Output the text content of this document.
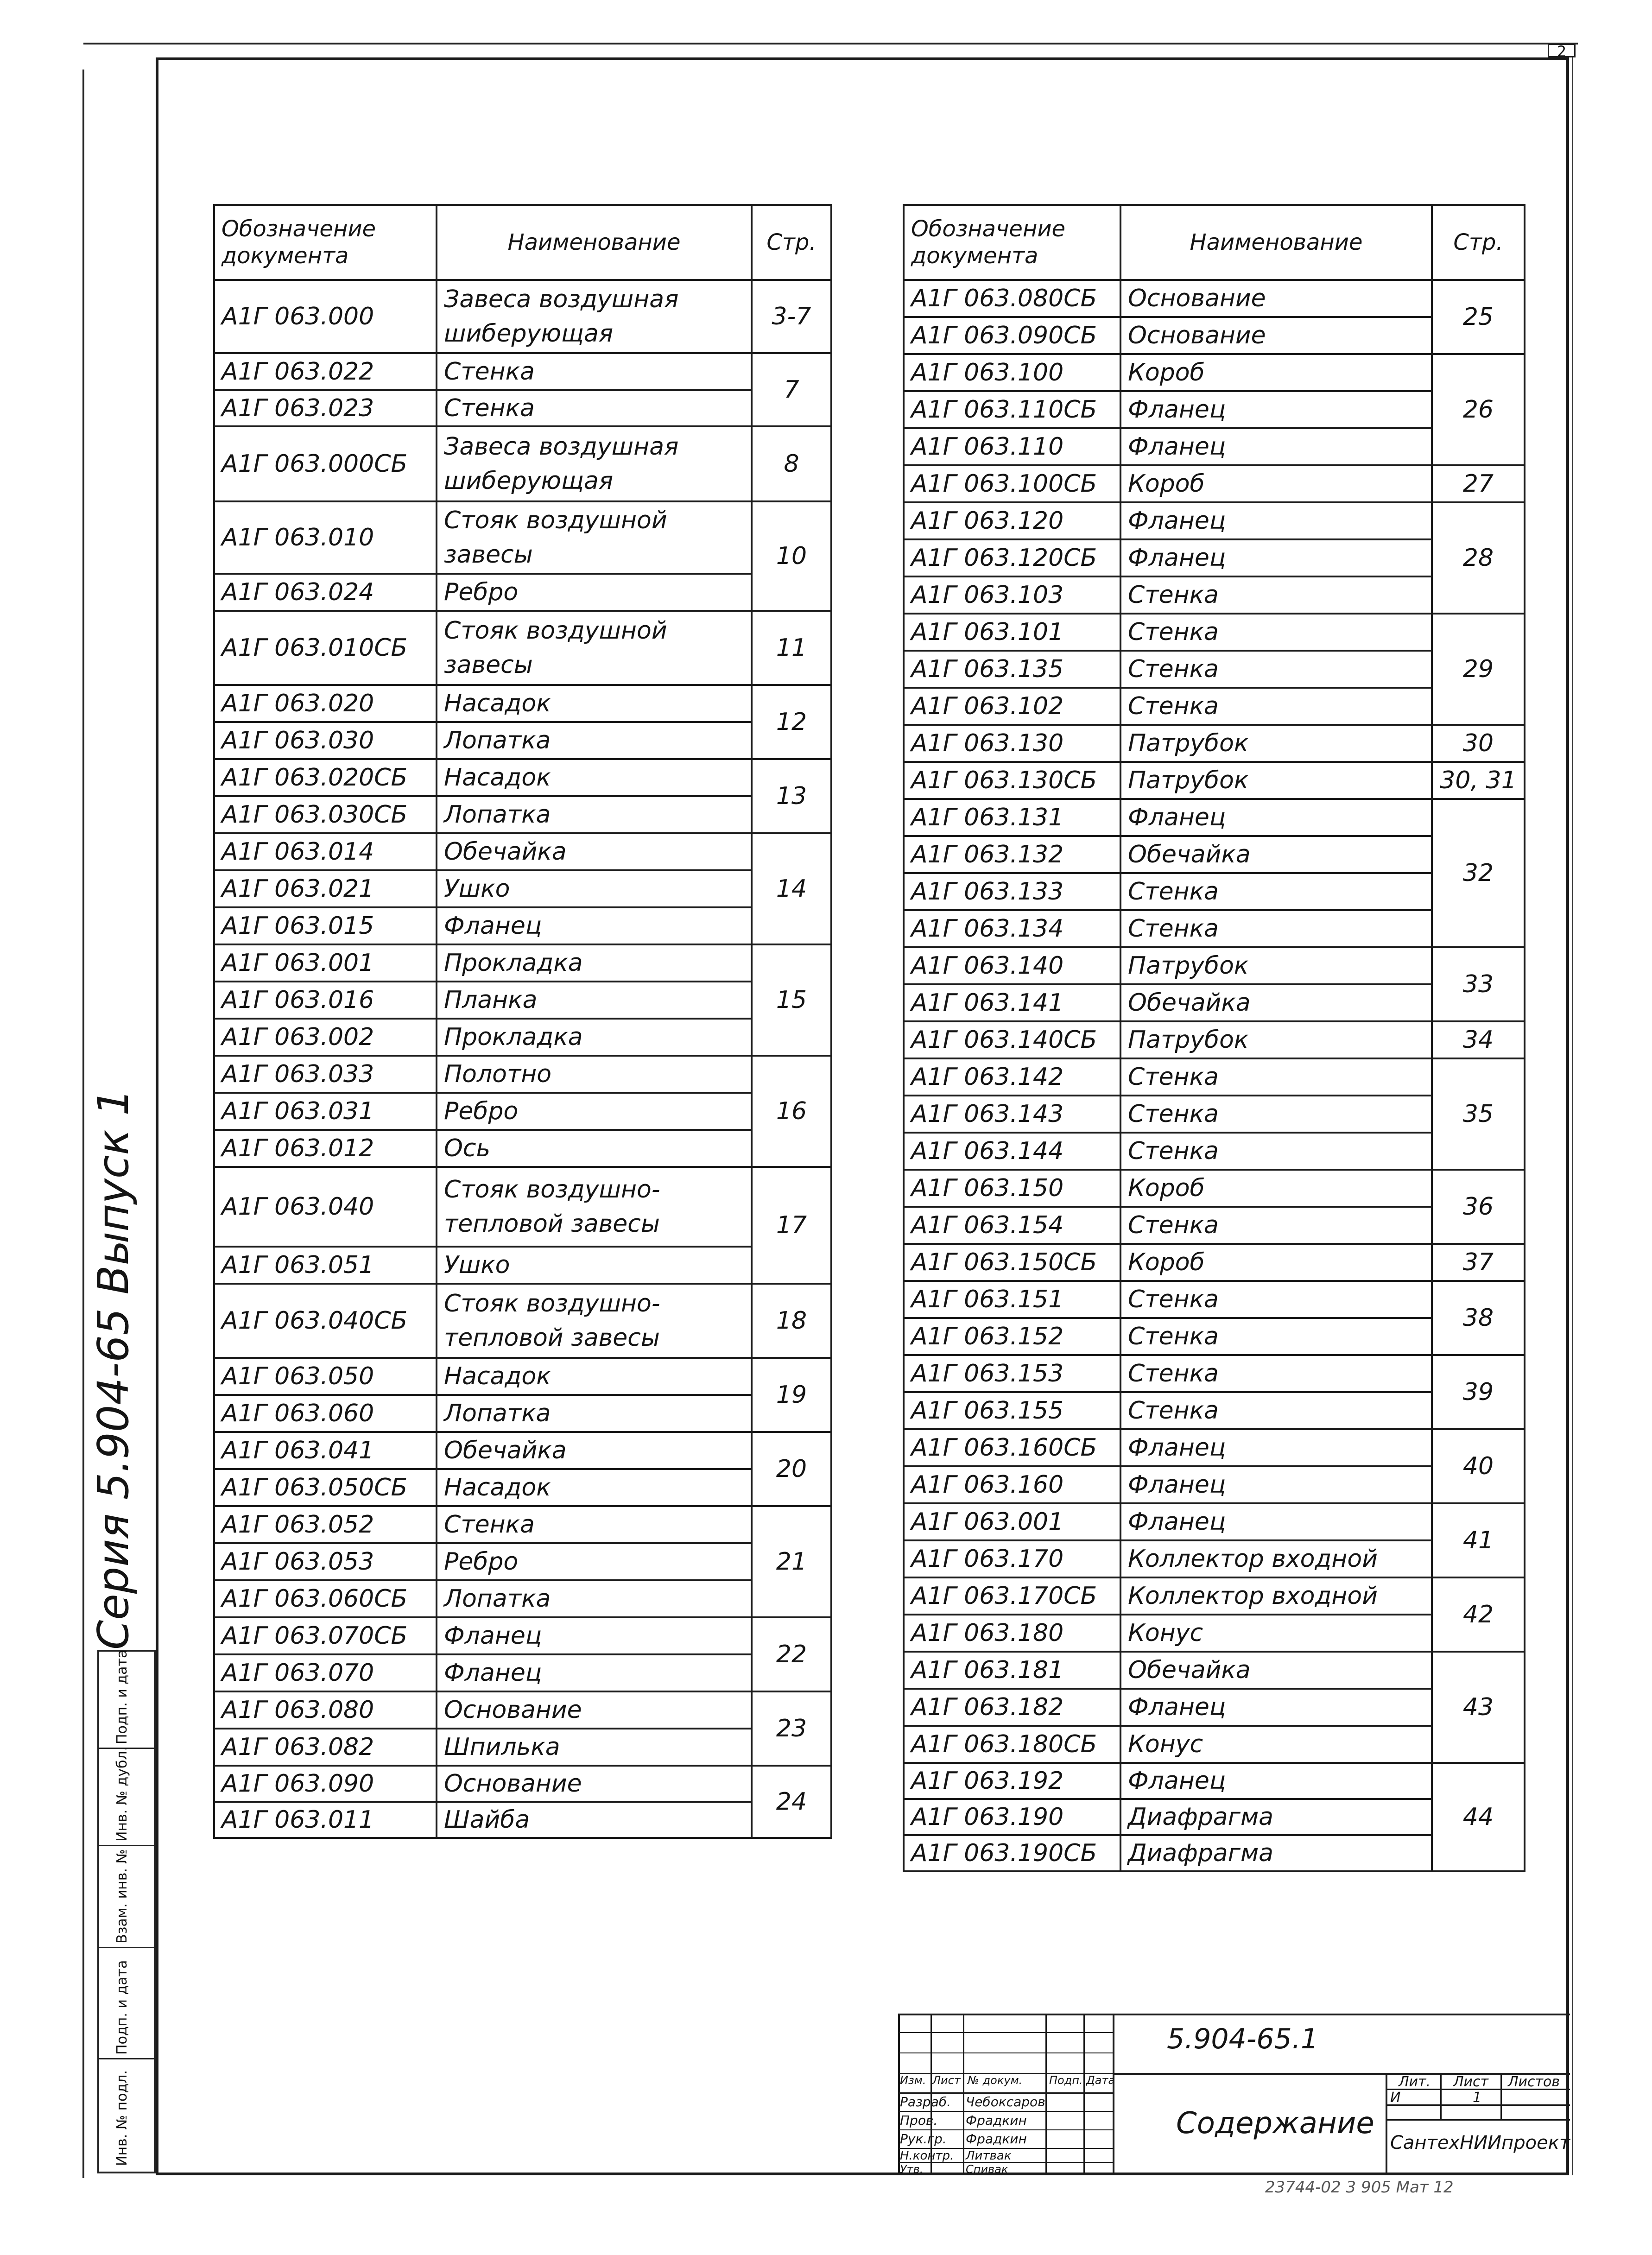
2
Серия 5.904-65 Выпуск 1
Подп. и дата
Инв. № дубл.
Взам. инв. №
Подп. и дата
Инв. № подл.
Обозначение документа	Наименование	Стр.
А1Г 063.000	Завеса воздушная шиберующая	3-7
А1Г 063.022	Стенка	7
А1Г 063.023	Стенка	
А1Г 063.000СБ	Завеса воздушная шиберующая	8
А1Г 063.010	Стояк воздушной завесы	10
А1Г 063.024	Ребро	
А1Г 063.010СБ	Стояк воздушной завесы	11
А1Г 063.020	Насадок	12
А1Г 063.030	Лопатка	
А1Г 063.020СБ	Насадок	13
А1Г 063.030СБ	Лопатка	
А1Г 063.014	Обечайка	14
А1Г 063.021	Ушко	
А1Г 063.015	Фланец	
А1Г 063.001	Прокладка	15
А1Г 063.016	Планка	
А1Г 063.002	Прокладка	
А1Г 063.033	Полотно	16
А1Г 063.031	Ребро	
А1Г 063.012	Ось	
А1Г 063.040	Стояк воздушно-тепловой завесы	17
А1Г 063.051	Ушко	
А1Г 063.040СБ	Стояк воздушно-тепловой завесы	18
А1Г 063.050	Насадок	19
А1Г 063.060	Лопатка	
А1Г 063.041	Обечайка	20
А1Г 063.050СБ	Насадок	
А1Г 063.052	Стенка	21
А1Г 063.053	Ребро	
А1Г 063.060СБ	Лопатка	
А1Г 063.070СБ	Фланец	22
А1Г 063.070	Фланец	
А1Г 063.080	Основание	23
А1Г 063.082	Шпилька	
А1Г 063.090	Основание	24
А1Г 063.011	Шайба	
Обозначение документа	Наименование	Стр.
А1Г 063.080СБ	Основание	25
А1Г 063.090СБ	Основание	
А1Г 063.100	Короб	26
А1Г 063.110СБ	Фланец	
А1Г 063.110	Фланец	
А1Г 063.100СБ	Короб	27
А1Г 063.120	Фланец	28
А1Г 063.120СБ	Фланец	
А1Г 063.103	Стенка	
А1Г 063.101	Стенка	29
А1Г 063.135	Стенка	
А1Г 063.102	Стенка	
А1Г 063.130	Патрубок	30
А1Г 063.130СБ	Патрубок	30, 31
А1Г 063.131	Фланец	32
А1Г 063.132	Обечайка	
А1Г 063.133	Стенка	
А1Г 063.134	Стенка	
А1Г 063.140	Патрубок	33
А1Г 063.141	Обечайка	
А1Г 063.140СБ	Патрубок	34
А1Г 063.142	Стенка	35
А1Г 063.143	Стенка	
А1Г 063.144	Стенка	
А1Г 063.150	Короб	36
А1Г 063.154	Стенка	
А1Г 063.150СБ	Короб	37
А1Г 063.151	Стенка	38
А1Г 063.152	Стенка	
А1Г 063.153	Стенка	39
А1Г 063.155	Стенка	
А1Г 063.160СБ	Фланец	40
А1Г 063.160	Фланец	
А1Г 063.001	Фланец	41
А1Г 063.170	Коллектор входной	
А1Г 063.170СБ	Коллектор входной	42
А1Г 063.180	Конус	
А1Г 063.181	Обечайка	43
А1Г 063.182	Фланец	
А1Г 063.180СБ	Конус	
А1Г 063.192	Фланец	44
А1Г 063.190	Диафрагма	
А1Г 063.190СБ	Диафрагма	
5.904-65.1
Изм. Лист № докум. Подп. Дата
Разраб. Чебоксаров
Пров. Фрадкин
Рук.гр. Фрадкин
Н.контр. Литвак
Утв.	Спивак
Содержание
Лит. Лист Листов
И	1
СантехНИИпроект
23744-02 3 905 Мат 12
